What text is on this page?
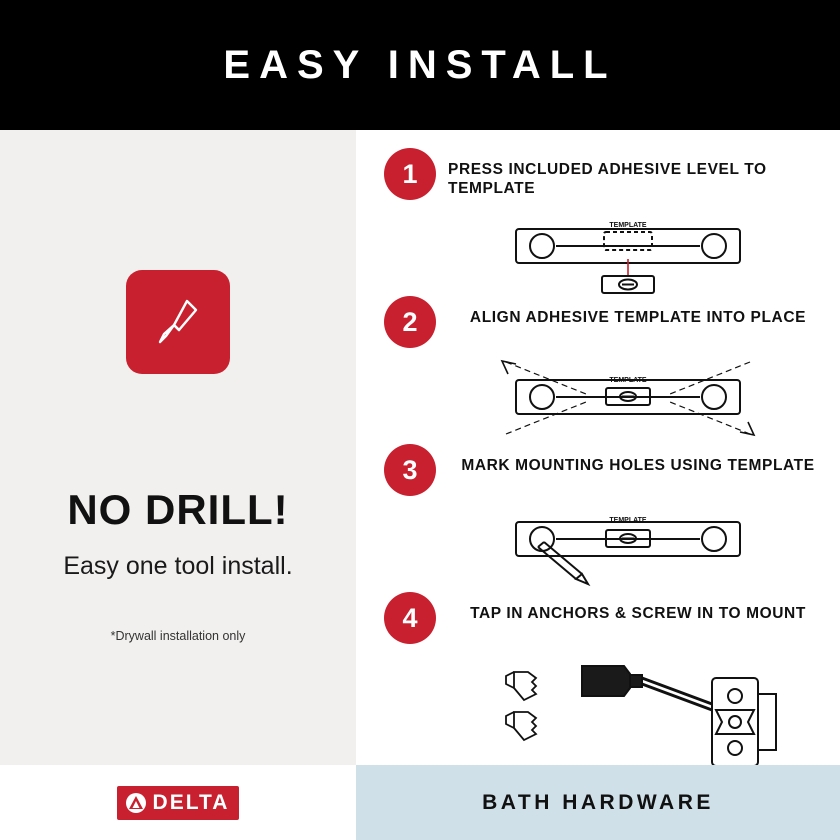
EASY INSTALL
NO DRILL!
Easy one tool install.
*Drywall installation only
1	PRESS INCLUDED ADHESIVE LEVEL TO TEMPLATE
TEMPLATE
2	ALIGN ADHESIVE TEMPLATE INTO PLACE
TEMPLATE
3	MARK MOUNTING HOLES USING TEMPLATE
TEMPLATE
4	TAP IN ANCHORS & SCREW IN TO MOUNT
DELTA	BATH HARDWARE
